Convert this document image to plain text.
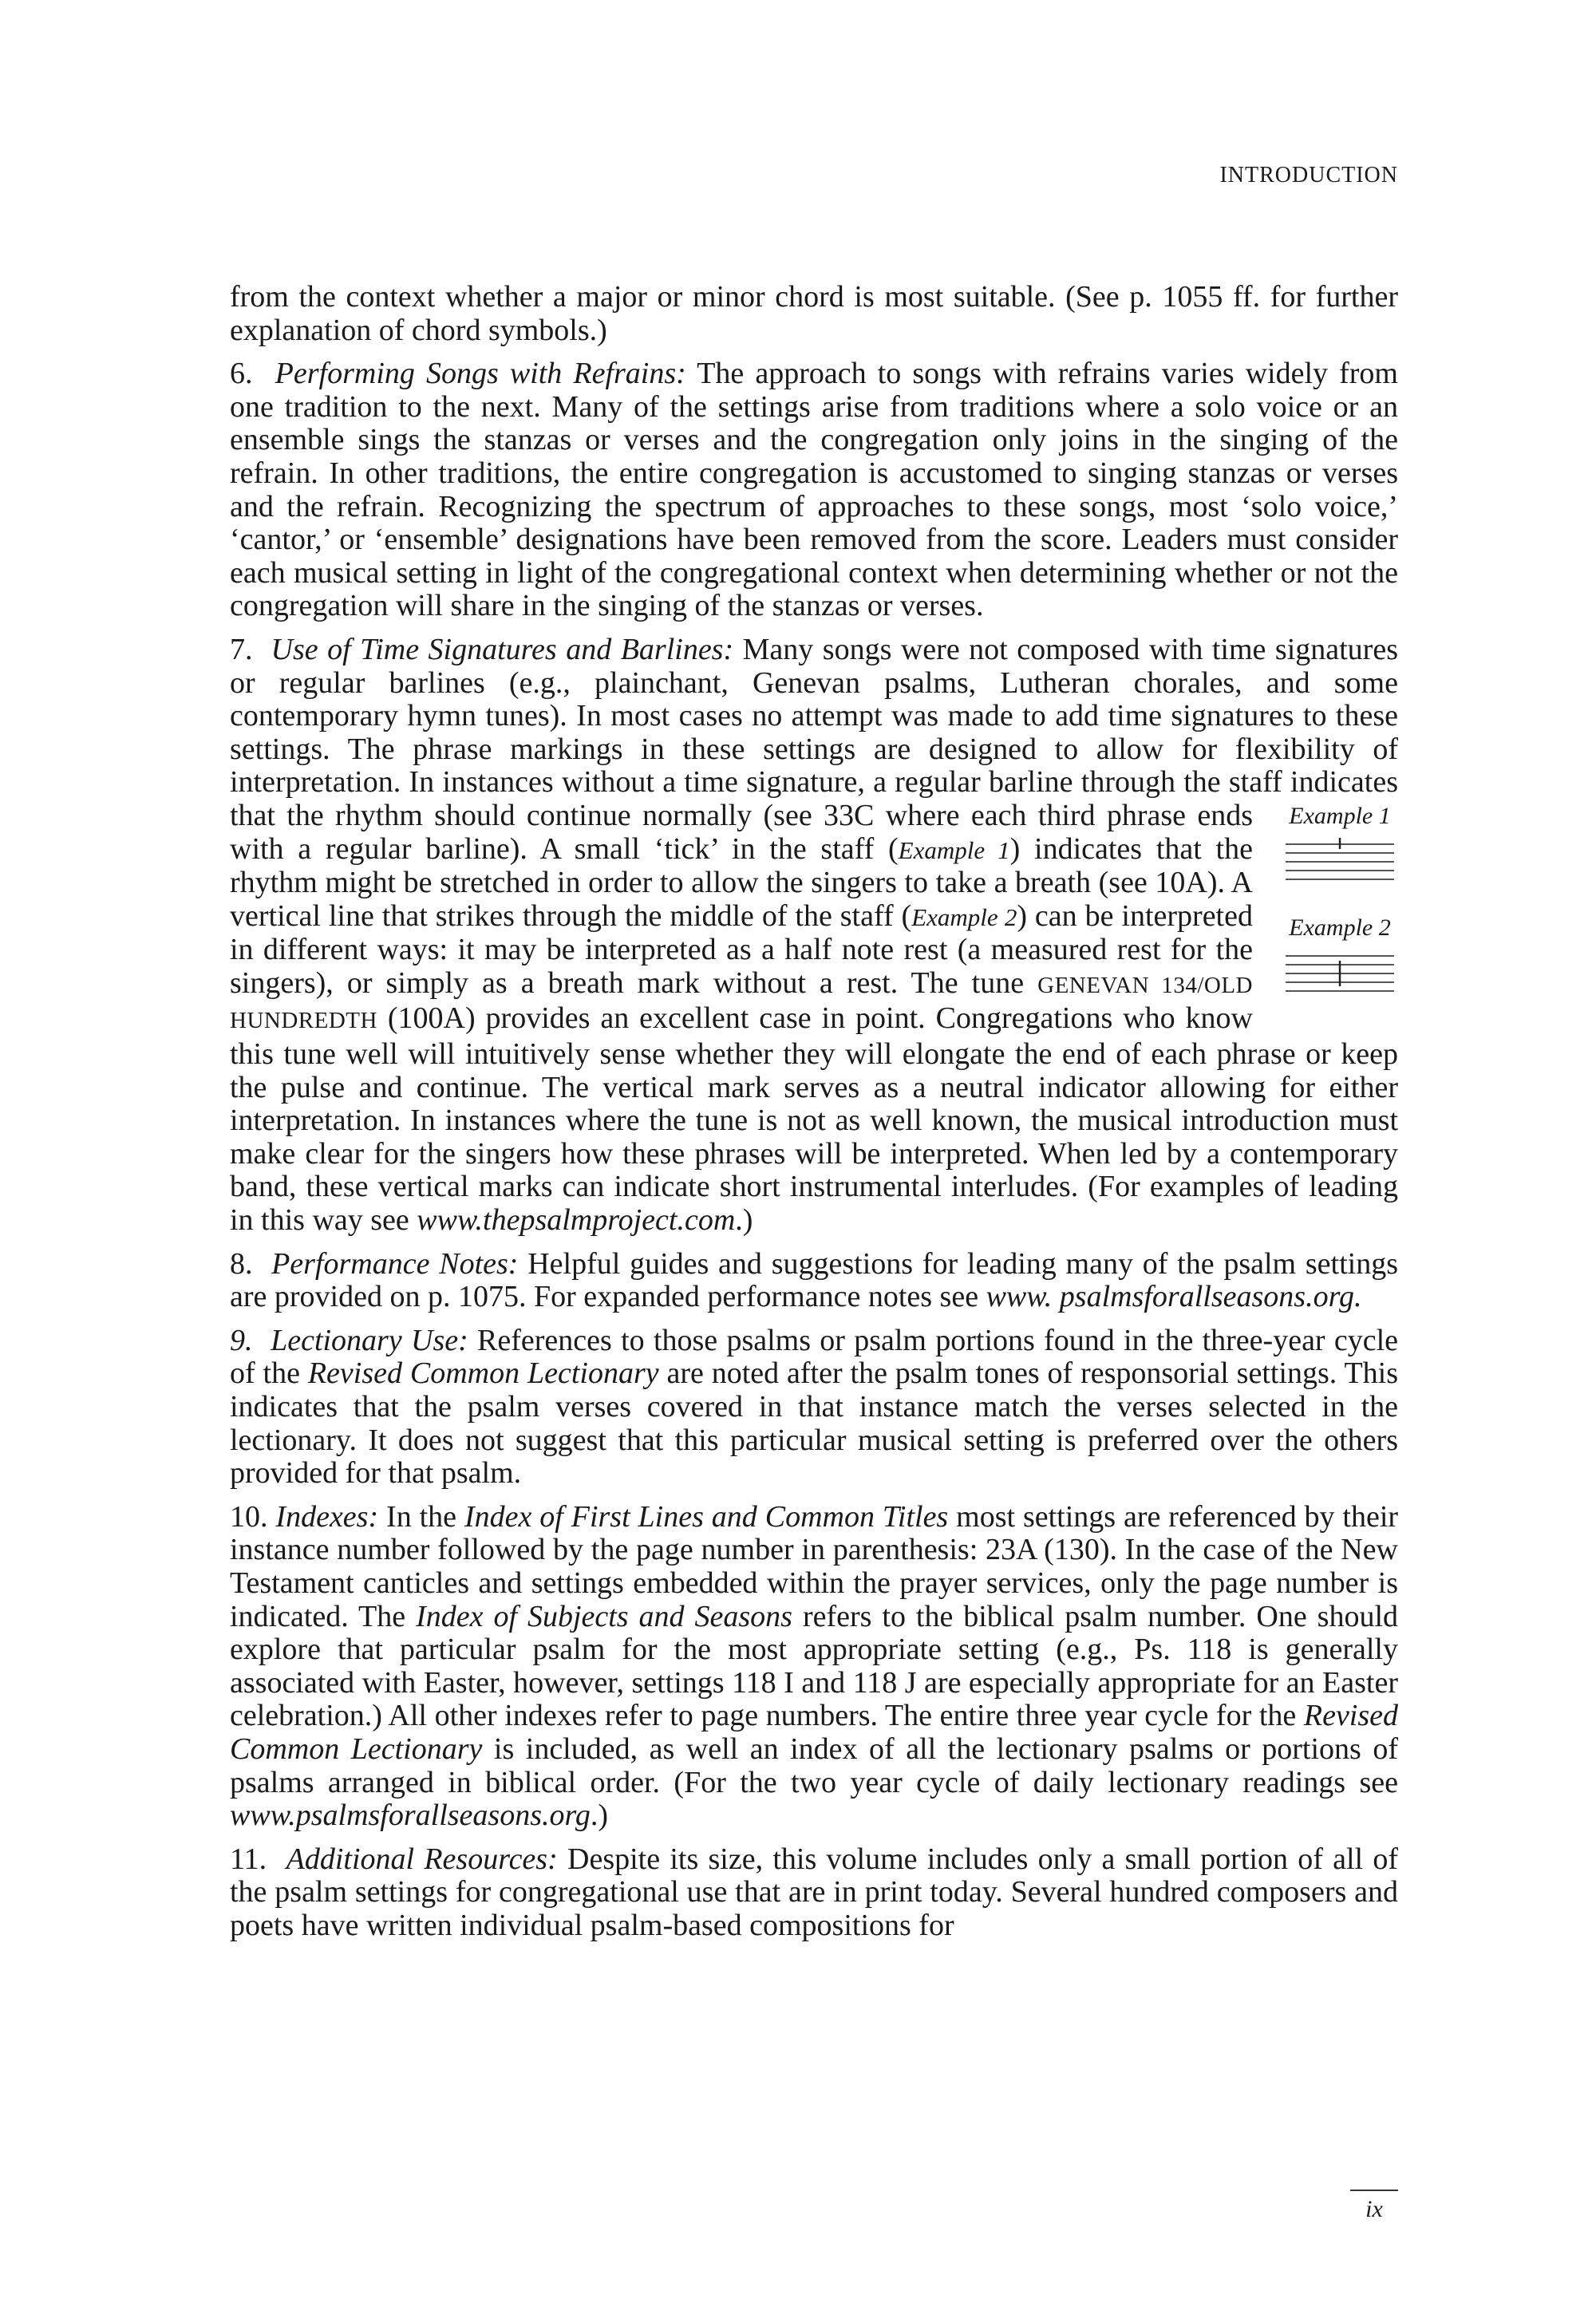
INTRODUCTION

from the context whether a major or minor chord is most suitable. (See p. 1055 ff. for further explanation of chord symbols.)

6. Performing Songs with Refrains: The approach to songs with refrains varies widely from one tradition to the next. Many of the settings arise from traditions where a solo voice or an ensemble sings the stanzas or verses and the congregation only joins in the singing of the refrain. In other traditions, the entire congregation is accustomed to singing stanzas or verses and the refrain. Recognizing the spectrum of approaches to these songs, most ‘solo voice,’ ‘cantor,’ or ‘ensemble’ designations have been removed from the score. Leaders must consider each musical setting in light of the congregational context when determining whether or not the congregation will share in the singing of the stanzas or verses.

7. Use of Time Signatures and Barlines: Many songs were not composed with time signatures or regular barlines (e.g., plainchant, Genevan psalms, Lutheran chorales, and some contemporary hymn tunes). In most cases no attempt was made to add time signatures to these settings. The phrase markings in these settings are designed to allow for flexibility of interpretation. In instances without a time signature, a regular barline through the staff indicates that the rhythm should continue normally	Example 1
Example 2
(see 33C where each third phrase ends with a regular barline). A small ‘tick’ in the staff (Example 1) indicates that the rhythm might be stretched in order to allow the singers to take a breath (see 10A). A vertical line that strikes through the middle of the staff (Example 2) can be interpreted in different ways: it may be interpreted as a half note rest (a measured rest for the singers), or simply as a breath mark without a rest. The tune GENEVAN 134/OLD HUNDREDTH (100A) provides an excellent case in point. Congregations who know this tune well will intuitively sense whether they will elongate the end of each phrase or keep the pulse and continue. The vertical mark serves as a neutral indicator allowing for either interpretation. In instances where the tune is not as well known, the musical introduction must make clear for the singers how these phrases will be interpreted. When led by a contemporary band, these vertical marks can indicate short instrumental interludes. (For examples of leading in this way see www.thepsalmproject.com.)

8. Performance Notes: Helpful guides and suggestions for leading many of the psalm settings are provided on p. 1075. For expanded performance notes see www. psalmsforallseasons.org.

9. Lectionary Use: References to those psalms or psalm portions found in the three-year cycle of the Revised Common Lectionary are noted after the psalm tones of responsorial settings. This indicates that the psalm verses covered in that instance match the verses selected in the lectionary. It does not suggest that this particular musical setting is preferred over the others provided for that psalm.

10. Indexes: In the Index of First Lines and Common Titles most settings are referenced by their instance number followed by the page number in parenthesis: 23A (130). In the case of the New Testament canticles and settings embedded within the prayer services, only the page number is indicated. The Index of Subjects and Seasons refers to the biblical psalm number. One should explore that particular psalm for the most appropriate setting (e.g., Ps. 118 is generally associated with Easter, however, settings 118 I and 118 J are especially appropriate for an Easter celebration.) All other indexes refer to page numbers. The entire three year cycle for the Revised Common Lectionary is included, as well an index of all the lectionary psalms or portions of psalms arranged in biblical order. (For the two year cycle of daily lectionary readings see www.psalmsforallseasons.org.)

11. Additional Resources: Despite its size, this volume includes only a small portion of all of the psalm settings for congregational use that are in print today. Several hundred composers and poets have written individual psalm-based compositions for

ix
